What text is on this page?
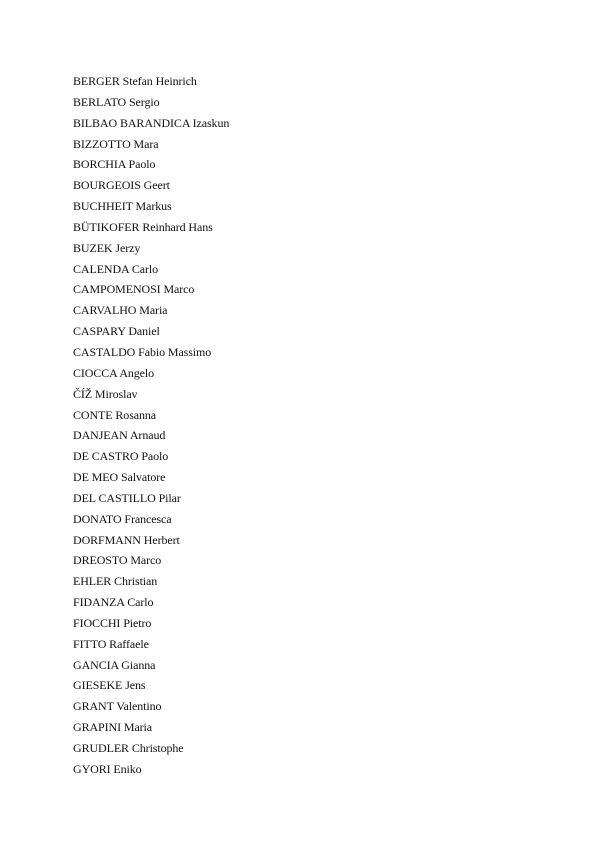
BERGER Stefan Heinrich
BERLATO Sergio
BILBAO BARANDICA Izaskun
BIZZOTTO Mara
BORCHIA Paolo
BOURGEOIS Geert
BUCHHEIT Markus
BÜTIKOFER Reinhard Hans
BUZEK Jerzy
CALENDA Carlo
CAMPOMENOSI Marco
CARVALHO Maria
CASPARY Daniel
CASTALDO Fabio Massimo
CIOCCA Angelo
ČÍŽ Miroslav
CONTE Rosanna
DANJEAN Arnaud
DE CASTRO Paolo
DE MEO Salvatore
DEL CASTILLO Pilar
DONATO Francesca
DORFMANN Herbert
DREOSTO Marco
EHLER Christian
FIDANZA Carlo
FIOCCHI Pietro
FITTO Raffaele
GANCIA Gianna
GIESEKE Jens
GRANT Valentino
GRAPINI Maria
GRUDLER Christophe
GYORI Eniko
